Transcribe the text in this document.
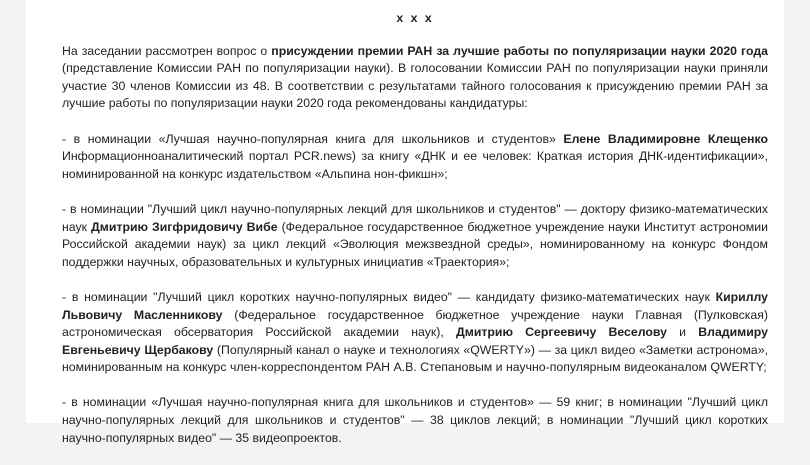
x x x

На заседании рассмотрен вопрос о присуждении премии РАН за лучшие работы по популяризации науки 2020 года (представление Комиссии РАН по популяризации науки). В голосовании Комиссии РАН по популяризации науки приняли участие 30 членов Комиссии из 48. В соответствии с результатами тайного голосования к присуждению премии РАН за лучшие работы по популяризации науки 2020 года рекомендованы кандидатуры:

- в номинации «Лучшая научно-популярная книга для школьников и студентов» Елене Владимировне Клещенко Информационноаналитический портал PCR.news) за книгу «ДНК и ее человек: Краткая история ДНК-идентификации», номинированной на конкурс издательством «Альпина нон-фикшн»;

- в номинации "Лучший цикл научно-популярных лекций для школьников и студентов" — доктору физико-математических наук Дмитрию Зигфридовичу Вибе (Федеральное государственное бюджетное учреждение науки Институт астрономии Российской академии наук) за цикл лекций «Эволюция межзвездной среды», номинированному на конкурс Фондом поддержки научных, образовательных и культурных инициатив «Траектория»;

- в номинации "Лучший цикл коротких научно-популярных видео" — кандидату физико-математических наук Кириллу Львовичу Масленникову (Федеральное государственное бюджетное учреждение науки Главная (Пулковская) астрономическая обсерватория Российской академии наук), Дмитрию Сергеевичу Веселову и Владимиру Евгеньевичу Щербакову (Популярный канал о науке и технологиях «QWERTY») — за цикл видео «Заметки астронома», номинированным на конкурс член-корреспондентом РАН А.В. Степановым и научно-популярным видеоканалом QWERTY;

- в номинации «Лучшая научно-популярная книга для школьников и студентов» — 59 книг; в номинации "Лучший цикл научно-популярных лекций для школьников и студентов" — 38 циклов лекций; в номинации "Лучший цикл коротких научно-популярных видео" — 35 видеопроектов.
